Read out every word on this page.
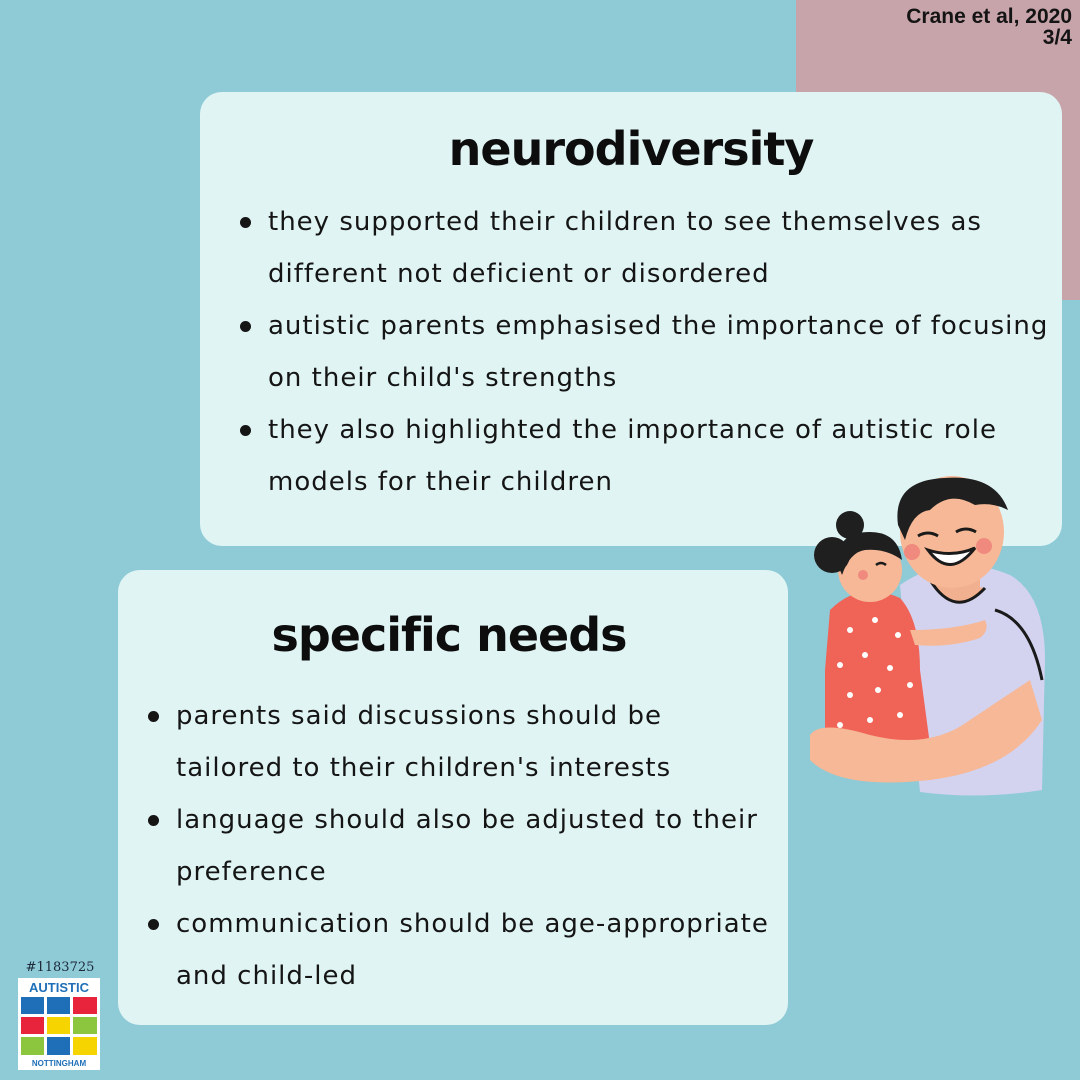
Crane et al, 2020
3/4
neurodiversity
they supported their children to see themselves as different not deficient or disordered
autistic parents emphasised the importance of focusing on their child's strengths
they also highlighted the importance of autistic role models for their children
specific needs
parents said discussions should be tailored to their children's interests
language should also be adjusted to their preference
communication should be age-appropriate and child-led
#1183725
AUTISTIC
NOTTINGHAM
